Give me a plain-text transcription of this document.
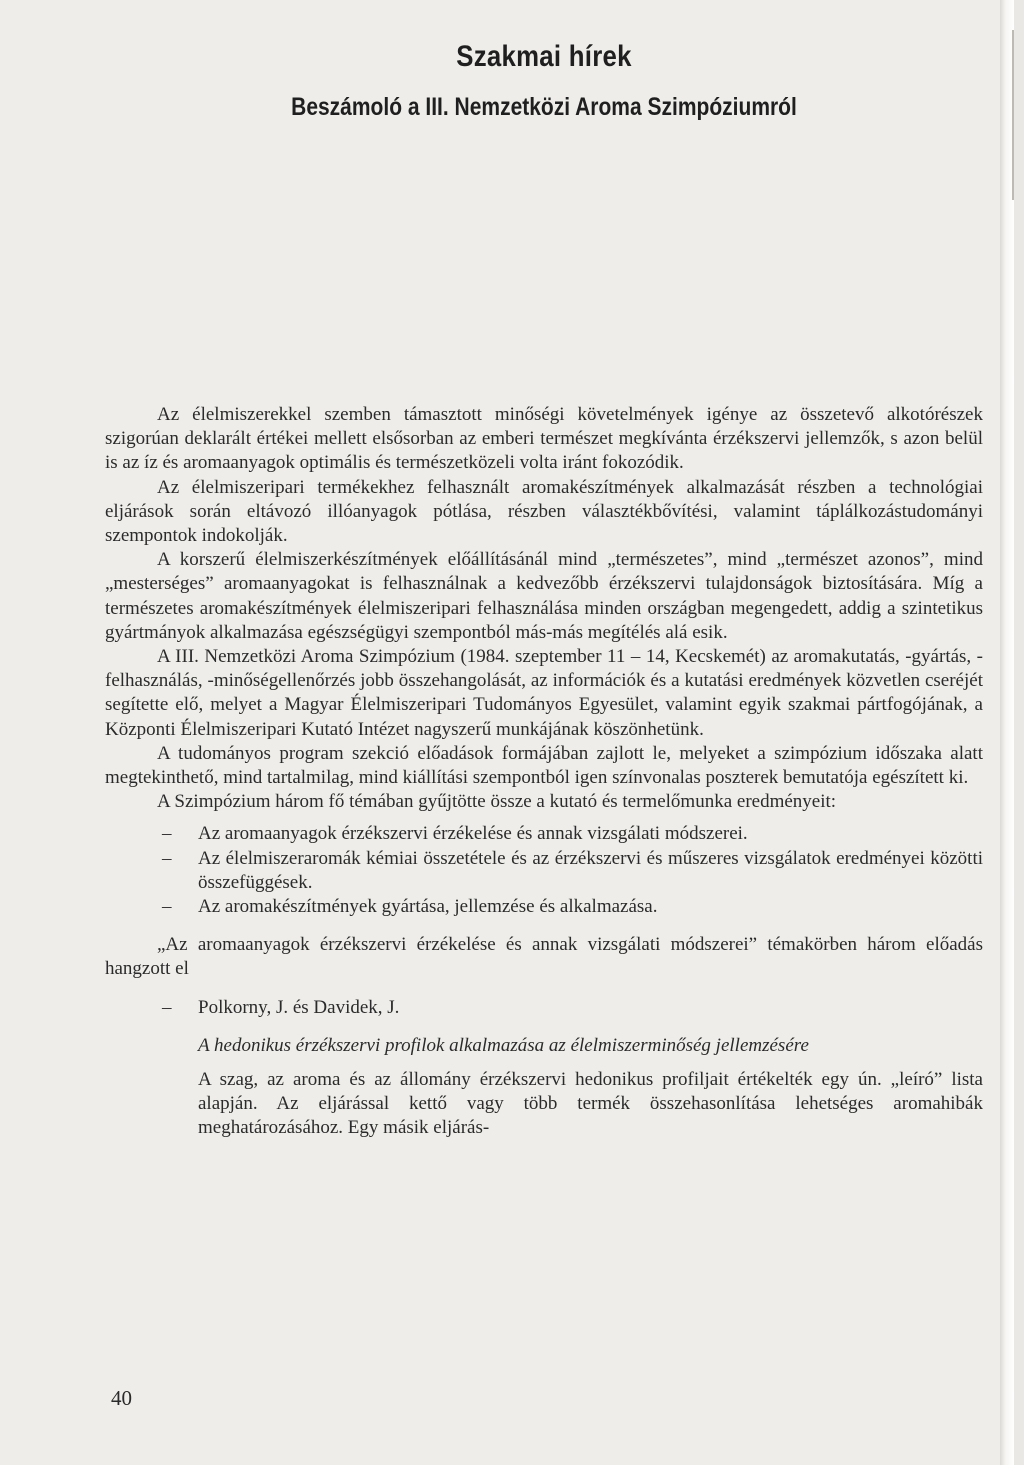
Szakmai hírek
Beszámoló a III. Nemzetközi Aroma Szimpóziumról

Az élelmiszerekkel szemben támasztott minőségi követelmények igénye az összetevő alkotórészek szigorúan deklarált értékei mellett elsősorban az emberi természet megkívánta érzékszervi jellemzők, s azon belül is az íz és aromaanyagok optimális és természetközeli volta iránt fokozódik.

Az élelmiszeripari termékekhez felhasznált aromakészítmények alkalmazását részben a technológiai eljárások során eltávozó illóanyagok pótlása, részben választékbővítési, valamint táplálkozástudományi szempontok indokolják.

A korszerű élelmiszerkészítmények előállításánál mind „természetes”, mind „természet azonos”, mind „mesterséges” aromaanyagokat is felhasználnak a kedvezőbb érzékszervi tulajdonságok biztosítására. Míg a természetes aromakészítmények élelmiszeripari felhasználása minden országban megengedett, addig a szintetikus gyártmányok alkalmazása egészségügyi szempontból más-más megítélés alá esik.

A III. Nemzetközi Aroma Szimpózium (1984. szeptember 11 – 14, Kecskemét) az aromakutatás, -gyártás, -felhasználás, -minőségellenőrzés jobb összehangolását, az információk és a kutatási eredmények közvetlen cseréjét segítette elő, melyet a Magyar Élelmiszeripari Tudományos Egyesület, valamint egyik szakmai pártfogójának, a Központi Élelmiszeripari Kutató Intézet nagyszerű munkájának köszönhetünk.

A tudományos program szekció előadások formájában zajlott le, melyeket a szimpózium időszaka alatt megtekinthető, mind tartalmilag, mind kiállítási szempontból igen színvonalas poszterek bemutatója egészített ki.

A Szimpózium három fő témában gyűjtötte össze a kutató és termelőmunka eredményeit:

– Az aromaanyagok érzékszervi érzékelése és annak vizsgálati módszerei.
– Az élelmiszeraromák kémiai összetétele és az érzékszervi és műszeres vizsgálatok eredményei közötti összefüggések.
– Az aromakészítmények gyártása, jellemzése és alkalmazása.

„Az aromaanyagok érzékszervi érzékelése és annak vizsgálati módszerei” témakörben három előadás hangzott el

– Polkorny, J. és Davidek, J.

A hedonikus érzékszervi profilok alkalmazása az élelmiszerminőség jellemzésére

A szag, az aroma és az állomány érzékszervi hedonikus profiljait értékelték egy ún. „leíró” lista alapján. Az eljárással kettő vagy több termék összehasonlítása lehetséges aromahibák meghatározásához. Egy másik eljárás-

40
